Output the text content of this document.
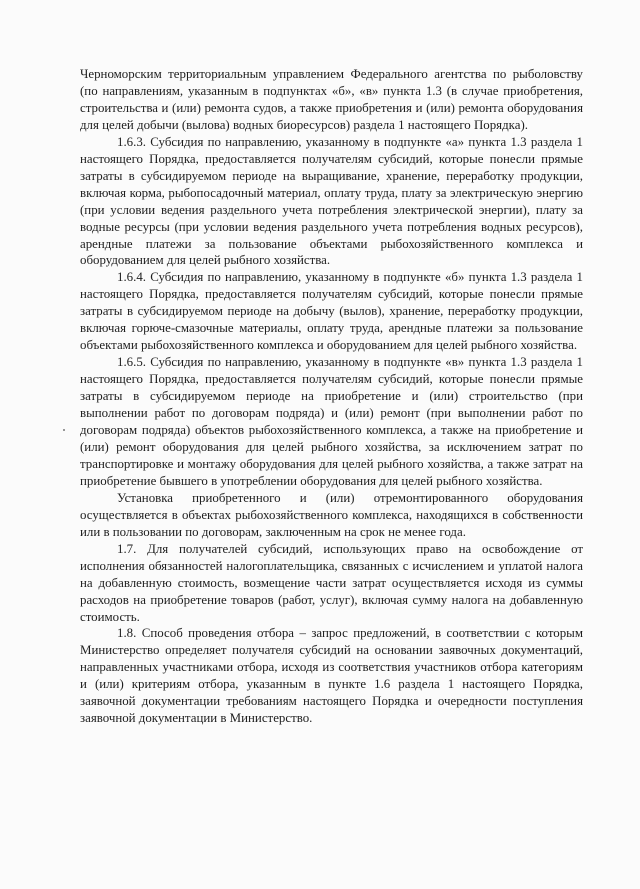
Черноморским территориальным управлением Федерального агентства по рыболовству (по направлениям, указанным в подпунктах «б», «в» пункта 1.3 (в случае приобретения, строительства и (или) ремонта судов, а также приобретения и (или) ремонта оборудования для целей добычи (вылова) водных биоресурсов) раздела 1 настоящего Порядка).

1.6.3. Субсидия по направлению, указанному в подпункте «а» пункта 1.3 раздела 1 настоящего Порядка, предоставляется получателям субсидий, которые понесли прямые затраты в субсидируемом периоде на выращивание, хранение, переработку продукции, включая корма, рыбопосадочный материал, оплату труда, плату за электрическую энергию (при условии ведения раздельного учета потребления электрической энергии), плату за водные ресурсы (при условии ведения раздельного учета потребления водных ресурсов), арендные платежи за пользование объектами рыбохозяйственного комплекса и оборудованием для целей рыбного хозяйства.

1.6.4. Субсидия по направлению, указанному в подпункте «б» пункта 1.3 раздела 1 настоящего Порядка, предоставляется получателям субсидий, которые понесли прямые затраты в субсидируемом периоде на добычу (вылов), хранение, переработку продукции, включая горюче-смазочные материалы, оплату труда, арендные платежи за пользование объектами рыбохозяйственного комплекса и оборудованием для целей рыбного хозяйства.

1.6.5. Субсидия по направлению, указанному в подпункте «в» пункта 1.3 раздела 1 настоящего Порядка, предоставляется получателям субсидий, которые понесли прямые затраты в субсидируемом периоде на приобретение и (или) строительство (при выполнении работ по договорам подряда) и (или) ремонт (при выполнении работ по договорам подряда) объектов рыбохозяйственного комплекса, а также на приобретение и (или) ремонт оборудования для целей рыбного хозяйства, за исключением затрат по транспортировке и монтажу оборудования для целей рыбного хозяйства, а также затрат на приобретение бывшего в употреблении оборудования для целей рыбного хозяйства.

Установка приобретенного и (или) отремонтированного оборудования осуществляется в объектах рыбохозяйственного комплекса, находящихся в собственности или в пользовании по договорам, заключенным на срок не менее года.

1.7. Для получателей субсидий, использующих право на освобождение от исполнения обязанностей налогоплательщика, связанных с исчислением и уплатой налога на добавленную стоимость, возмещение части затрат осуществляется исходя из суммы расходов на приобретение товаров (работ, услуг), включая сумму налога на добавленную стоимость.

1.8. Способ проведения отбора – запрос предложений, в соответствии с которым Министерство определяет получателя субсидий на основании заявочных документаций, направленных участниками отбора, исходя из соответствия участников отбора категориям и (или) критериям отбора, указанным в пункте 1.6 раздела 1 настоящего Порядка, заявочной документации требованиям настоящего Порядка и очередности поступления заявочной документации в Министерство.
